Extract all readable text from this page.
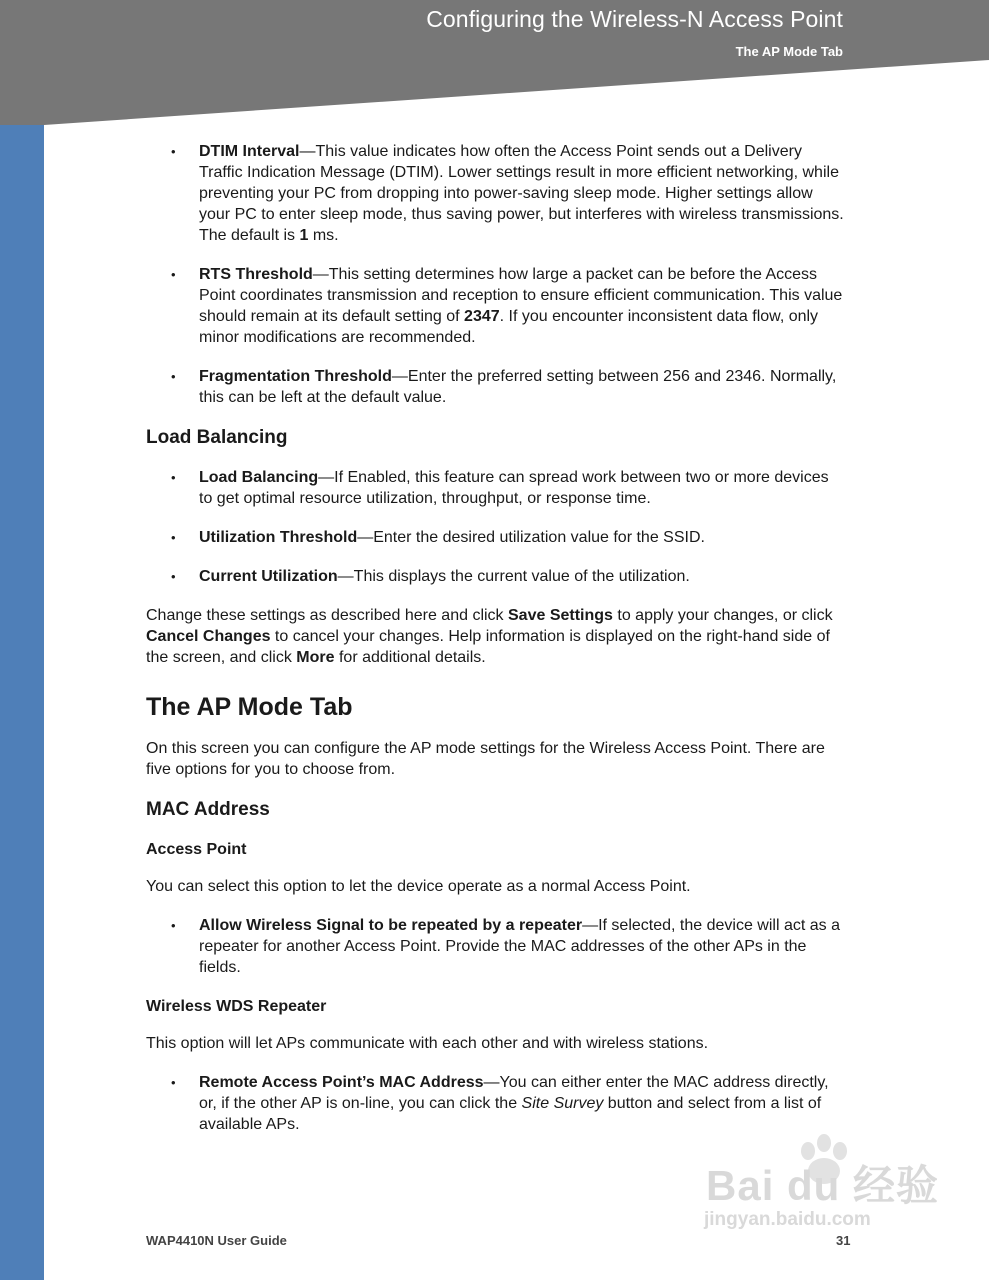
Configuring the Wireless-N Access Point
The AP Mode Tab
• DTIM Interval—This value indicates how often the Access Point sends out a Delivery Traffic Indication Message (DTIM). Lower settings result in more efficient networking, while preventing your PC from dropping into power-saving sleep mode. Higher settings allow your PC to enter sleep mode, thus saving power, but interferes with wireless transmissions. The default is 1 ms.
• RTS Threshold—This setting determines how large a packet can be before the Access Point coordinates transmission and reception to ensure efficient communication. This value should remain at its default setting of 2347. If you encounter inconsistent data flow, only minor modifications are recommended.
• Fragmentation Threshold—Enter the preferred setting between 256 and 2346. Normally, this can be left at the default value.
Load Balancing
• Load Balancing—If Enabled, this feature can spread work between two or more devices to get optimal resource utilization, throughput, or response time.
• Utilization Threshold—Enter the desired utilization value for the SSID.
• Current Utilization—This displays the current value of the utilization.

Change these settings as described here and click Save Settings to apply your changes, or click Cancel Changes to cancel your changes. Help information is displayed on the right-hand side of the screen, and click More for additional details.

The AP Mode Tab

On this screen you can configure the AP mode settings for the Wireless Access Point. There are five options for you to choose from.

MAC Address
Access Point

You can select this option to let the device operate as a normal Access Point.

• Allow Wireless Signal to be repeated by a repeater—If selected, the device will act as a repeater for another Access Point. Provide the MAC addresses of the other APs in the fields.
Wireless WDS Repeater

This option will let APs communicate with each other and with wireless stations.

• Remote Access Point’s MAC Address—You can either enter the MAC address directly, or, if the other AP is on-line, you can click the Site Survey button and select from a list of available APs.
Bai du 经验
jingyan.baidu.com
WAP4410N User Guide	31
